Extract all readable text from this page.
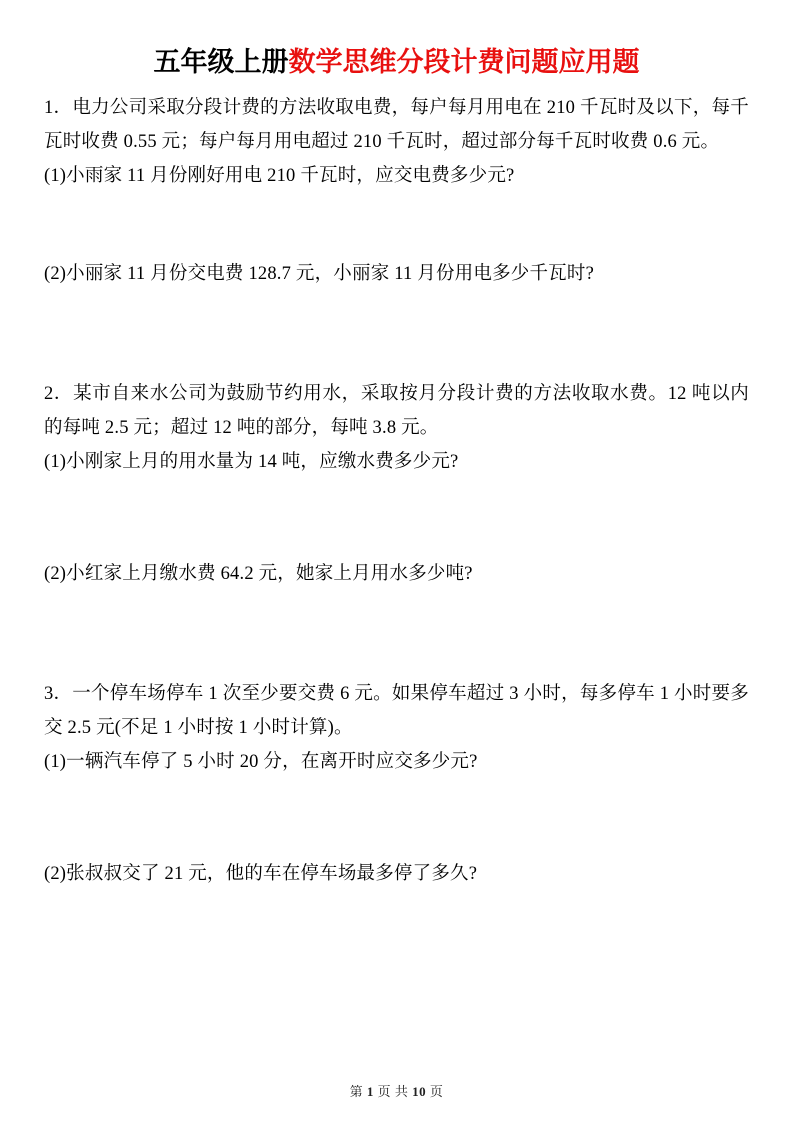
五年级上册数学思维分段计费问题应用题
1．电力公司采取分段计费的方法收取电费，每户每月用电在 210 千瓦时及以下，每千瓦时收费 0.55 元；每户每月用电超过 210 千瓦时，超过部分每千瓦时收费 0.6 元。
(1)小雨家 11 月份刚好用电 210 千瓦时，应交电费多少元?
(2)小丽家 11 月份交电费 128.7 元，小丽家 11 月份用电多少千瓦时?
2．某市自来水公司为鼓励节约用水，采取按月分段计费的方法收取水费。12 吨以内的每吨 2.5 元；超过 12 吨的部分，每吨 3.8 元。
(1)小刚家上月的用水量为 14 吨，应缴水费多少元?
(2)小红家上月缴水费 64.2 元，她家上月用水多少吨?
3．一个停车场停车 1 次至少要交费 6 元。如果停车超过 3 小时，每多停车 1 小时要多交 2.5 元(不足 1 小时按 1 小时计算)。
(1)一辆汽车停了 5 小时 20 分，在离开时应交多少元?
(2)张叔叔交了 21 元，他的车在停车场最多停了多久?
第 1 页 共 10 页
